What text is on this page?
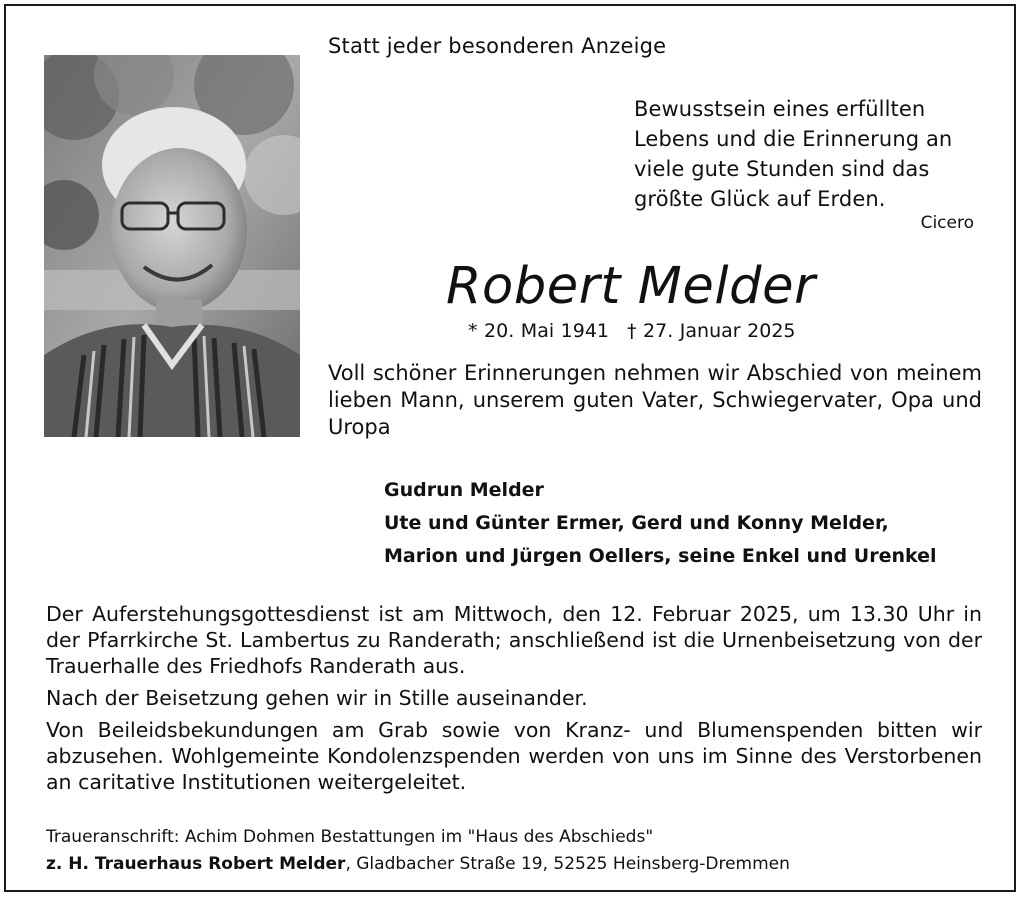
Statt jeder besonderen Anzeige
Bewusstsein eines erfüllten
Lebens und die Erinnerung an
viele gute Stunden sind das
größte Glück auf Erden.
Cicero
Robert Melder
* 20. Mai 1941 † 27. Januar 2025
Voll schöner Erinnerungen nehmen wir Abschied von meinem lieben Mann, unserem guten Vater, Schwiegervater, Opa und Uropa
Gudrun Melder
Ute und Günter Ermer, Gerd und Konny Melder,
Marion und Jürgen Oellers, seine Enkel und Urenkel

Der Auferstehungsgottesdienst ist am Mittwoch, den 12. Februar 2025, um 13.30 Uhr in der Pfarrkirche St. Lambertus zu Randerath; anschließend ist die Urnenbeisetzung von der Trauerhalle des Friedhofs Randerath aus.

Nach der Beisetzung gehen wir in Stille auseinander.

Von Beileidsbekundungen am Grab sowie von Kranz- und Blumenspenden bitten wir abzusehen. Wohlgemeinte Kondolenzspenden werden von uns im Sinne des Verstorbenen an caritative Institutionen weitergeleitet.

Traueranschrift: Achim Dohmen Bestattungen im "Haus des Abschieds"
z. H. Trauerhaus Robert Melder, Gladbacher Straße 19, 52525 Heinsberg-Dremmen
